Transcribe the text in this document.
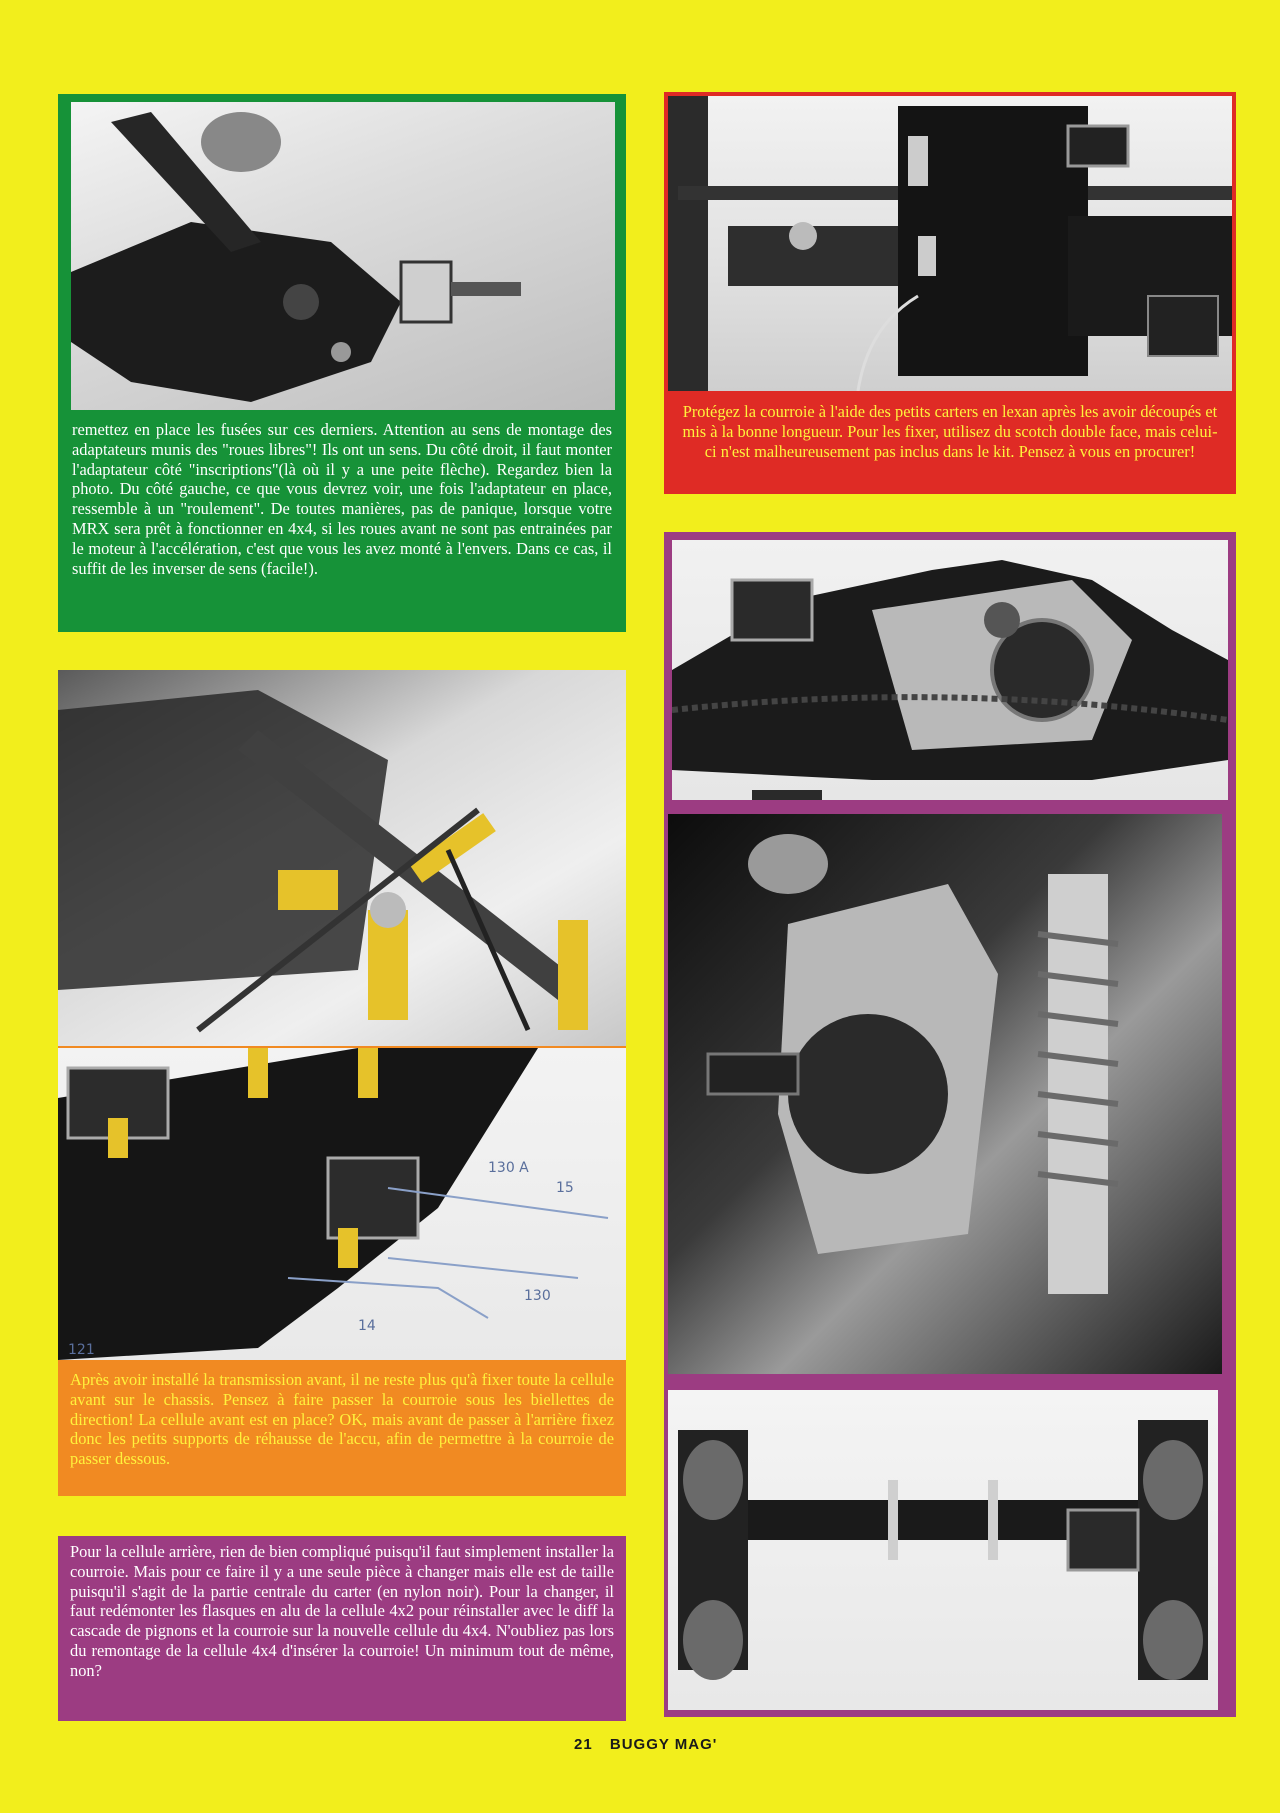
remettez en place les fusées sur ces derniers. Attention au sens de montage des adaptateurs munis des "roues libres"! Ils ont un sens. Du côté droit, il faut monter l'adaptateur côté "inscriptions"(là où il y a une peite flèche). Regardez bien la photo. Du côté gauche, ce que vous devrez voir, une fois l'adaptateur en place, ressemble à un "roulement". De toutes manières, pas de panique, lorsque votre MRX sera prêt à fonctionner en 4x4, si les roues avant ne sont pas entrainées par le moteur à l'accélération, c'est que vous les avez monté à l'envers. Dans ce cas, il suffit de les inverser de sens (facile!).
Protégez la courroie à l'aide des petits carters en lexan après les avoir découpés et mis à la bonne longueur. Pour les fixer, utilisez du scotch double face, mais celui-ci n'est malheureusement pas inclus dans le kit. Pensez à vous en procurer!
130 A
15
130
14
121
Après avoir installé la transmission avant, il ne reste plus qu'à fixer toute la cellule avant sur le chassis. Pensez à faire passer la courroie sous les biellettes de direction! La cellule avant est en place? OK, mais avant de passer à l'arrière fixez donc les petits supports de réhausse de l'accu, afin de permettre à la courroie de passer dessous.
Pour la cellule arrière, rien de bien compliqué puisqu'il faut simplement installer la courroie. Mais pour ce faire il y a une seule pièce à changer mais elle est de taille puisqu'il s'agit de la partie centrale du carter (en nylon noir). Pour la changer, il faut redémonter les flasques en alu de la cellule 4x2 pour réinstaller avec le diff la cascade de pignons et la courroie sur la nouvelle cellule du 4x4. N'oubliez pas lors du remontage de la cellule 4x4 d'insérer la courroie! Un minimum tout de même, non?
21 BUGGY MAG'
